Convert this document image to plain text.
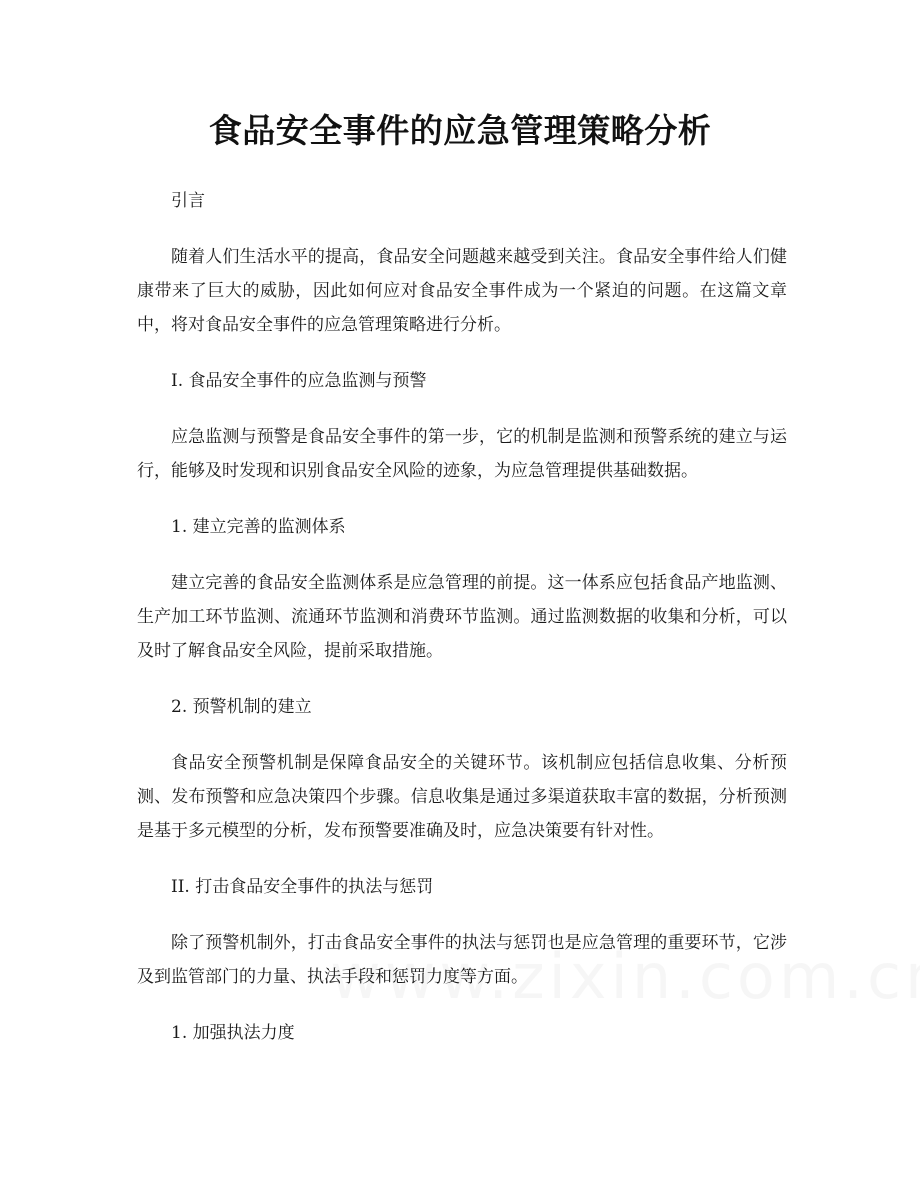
食品安全事件的应急管理策略分析

引言

随着人们生活水平的提高，食品安全问题越来越受到关注。食品安全事件给人们健康带来了巨大的威胁，因此如何应对食品安全事件成为一个紧迫的问题。在这篇文章中，将对食品安全事件的应急管理策略进行分析。

I. 食品安全事件的应急监测与预警

应急监测与预警是食品安全事件的第一步，它的机制是监测和预警系统的建立与运行，能够及时发现和识别食品安全风险的迹象，为应急管理提供基础数据。

1. 建立完善的监测体系

建立完善的食品安全监测体系是应急管理的前提。这一体系应包括食品产地监测、生产加工环节监测、流通环节监测和消费环节监测。通过监测数据的收集和分析，可以及时了解食品安全风险，提前采取措施。

2. 预警机制的建立

食品安全预警机制是保障食品安全的关键环节。该机制应包括信息收集、分析预测、发布预警和应急决策四个步骤。信息收集是通过多渠道获取丰富的数据，分析预测是基于多元模型的分析，发布预警要准确及时，应急决策要有针对性。

II. 打击食品安全事件的执法与惩罚

除了预警机制外，打击食品安全事件的执法与惩罚也是应急管理的重要环节，它涉及到监管部门的力量、执法手段和惩罚力度等方面。

1. 加强执法力度
